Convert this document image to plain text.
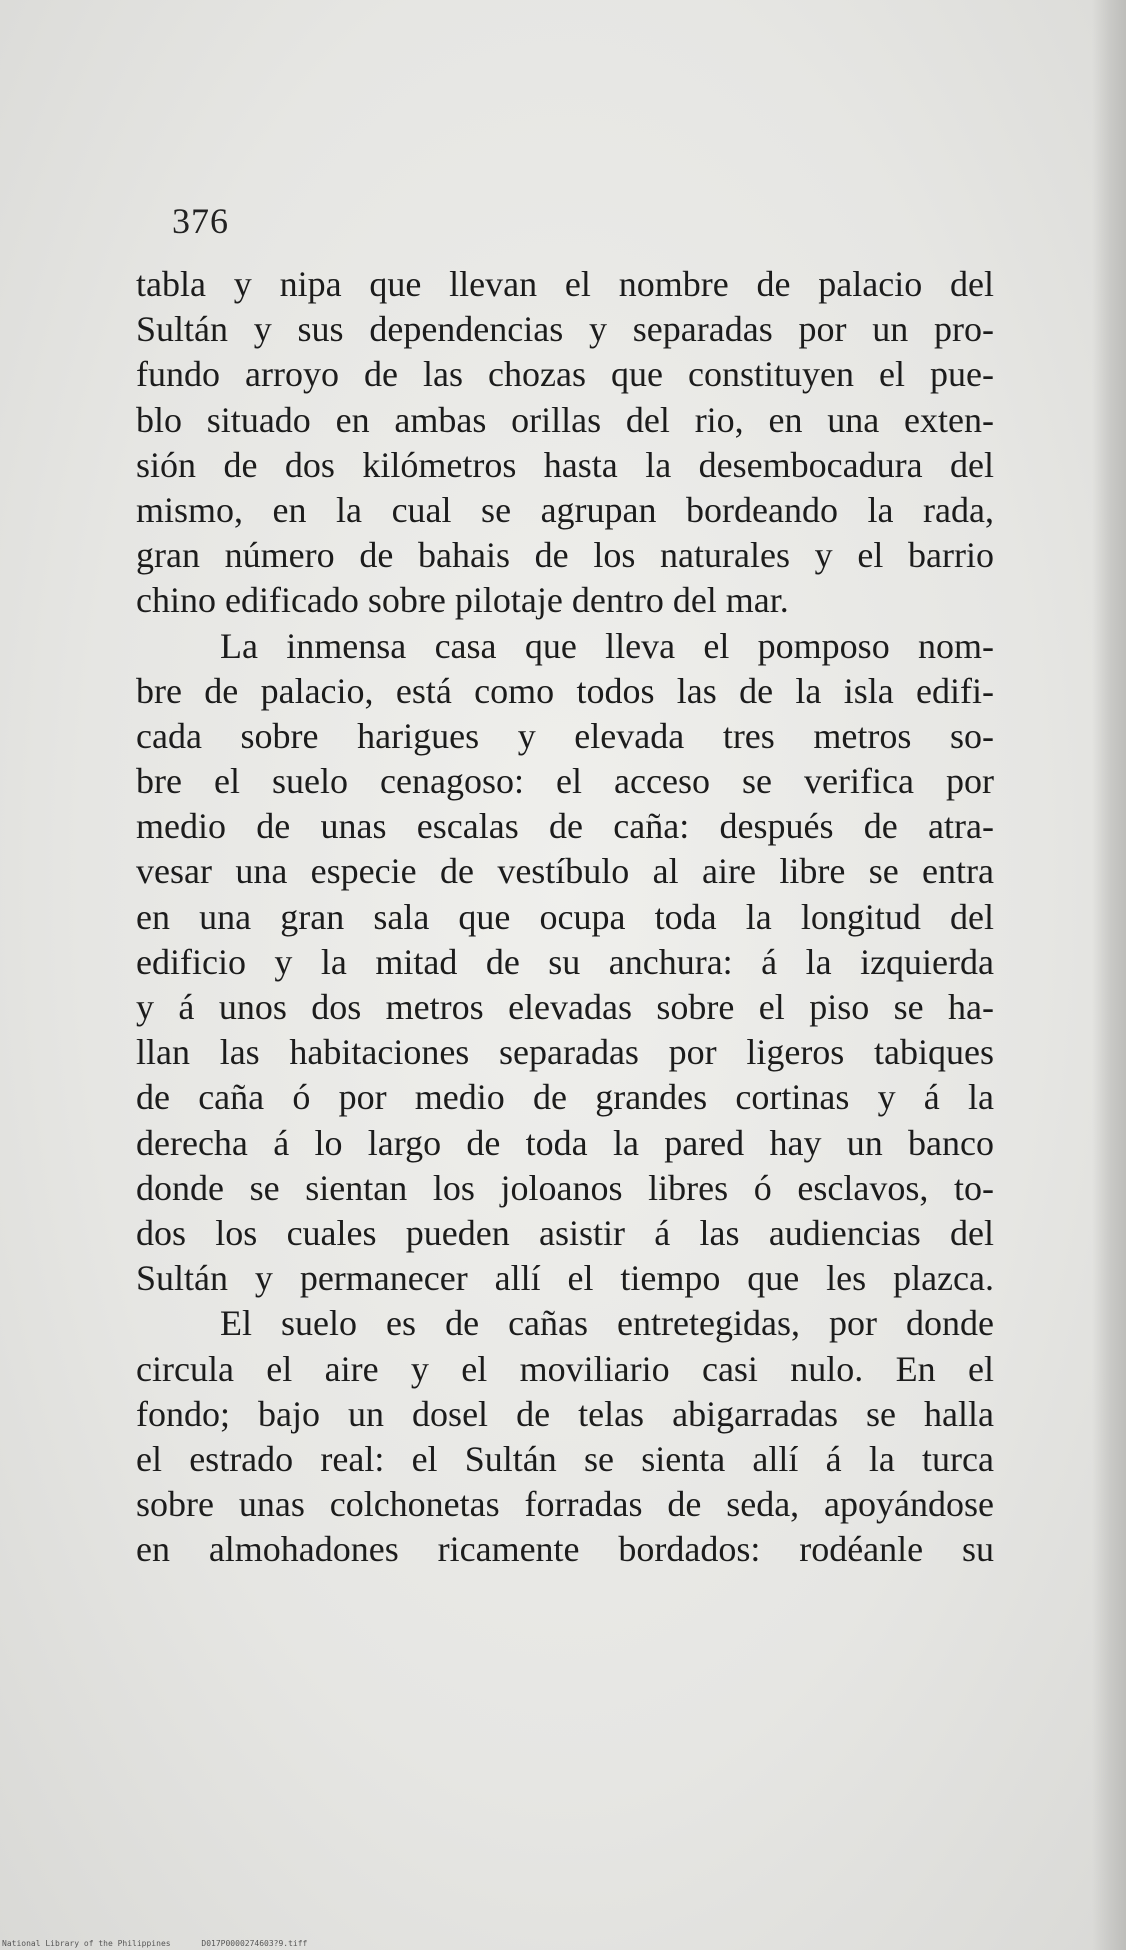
376
tabla y nipa que llevan el nombre de palacio del
Sultán y sus dependencias y separadas por un pro-
fundo arroyo de las chozas que constituyen el pue-
blo situado en ambas orillas del rio, en una exten-
sión de dos kilómetros hasta la desembocadura del
mismo, en la cual se agrupan bordeando la rada,
gran número de bahais de los naturales y el barrio
chino edificado sobre pilotaje dentro del mar.
La inmensa casa que lleva el pomposo nom-
bre de palacio, está como todos las de la isla edifi-
cada sobre harigues y elevada tres metros so-
bre el suelo cenagoso: el acceso se verifica por
medio de unas escalas de caña: después de atra-
vesar una especie de vestíbulo al aire libre se entra
en una gran sala que ocupa toda la longitud del
edificio y la mitad de su anchura: á la izquierda
y á unos dos metros elevadas sobre el piso se ha-
llan las habitaciones separadas por ligeros tabiques
de caña ó por medio de grandes cortinas y á la
derecha á lo largo de toda la pared hay un banco
donde se sientan los joloanos libres ó esclavos, to-
dos los cuales pueden asistir á las audiencias del
Sultán y permanecer allí el tiempo que les plazca.
El suelo es de cañas entretegidas, por donde
circula el aire y el moviliario casi nulo. En el
fondo; bajo un dosel de telas abigarradas se halla
el estrado real: el Sultán se sienta allí á la turca
sobre unas colchonetas forradas de seda, apoyándose
en almohadones ricamente bordados: rodéanle su
National Library of the Philippines	D017P0000274603?9.tiff
